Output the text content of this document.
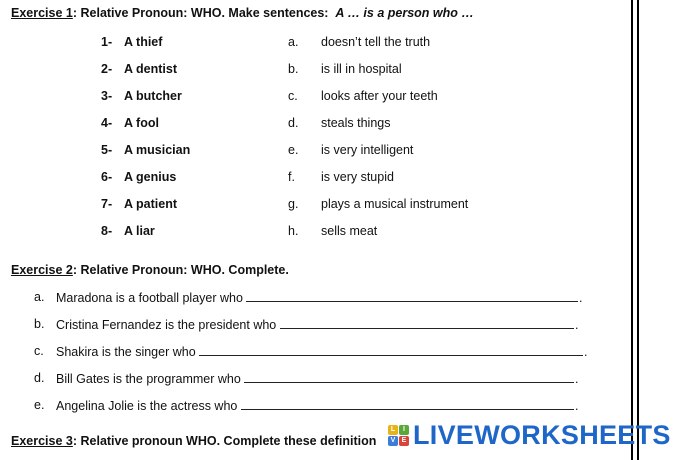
Exercise 1: Relative Pronoun: WHO. Make sentences: A … is a person who …
1- A thief	a. doesn’t tell the truth
2- A dentist	b. is ill in hospital
3- A butcher	c. looks after your teeth
4- A fool	d. steals things
5- A musician	e. is very intelligent
6- A genius	f. is very stupid
7- A patient	g. plays a musical instrument
8- A liar	h. sells meat
Exercise 2: Relative Pronoun: WHO. Complete.
a. Maradona is a football player who	.
b. Cristina Fernandez is the president who	.
c. Shakira is the singer who	.
d. Bill Gates is the programmer who	.
e. Angelina Jolie is the actress who	.
Exercise 3: Relative pronoun WHO. Complete these definition
L	I
V E LIVEWORKSHEETS
